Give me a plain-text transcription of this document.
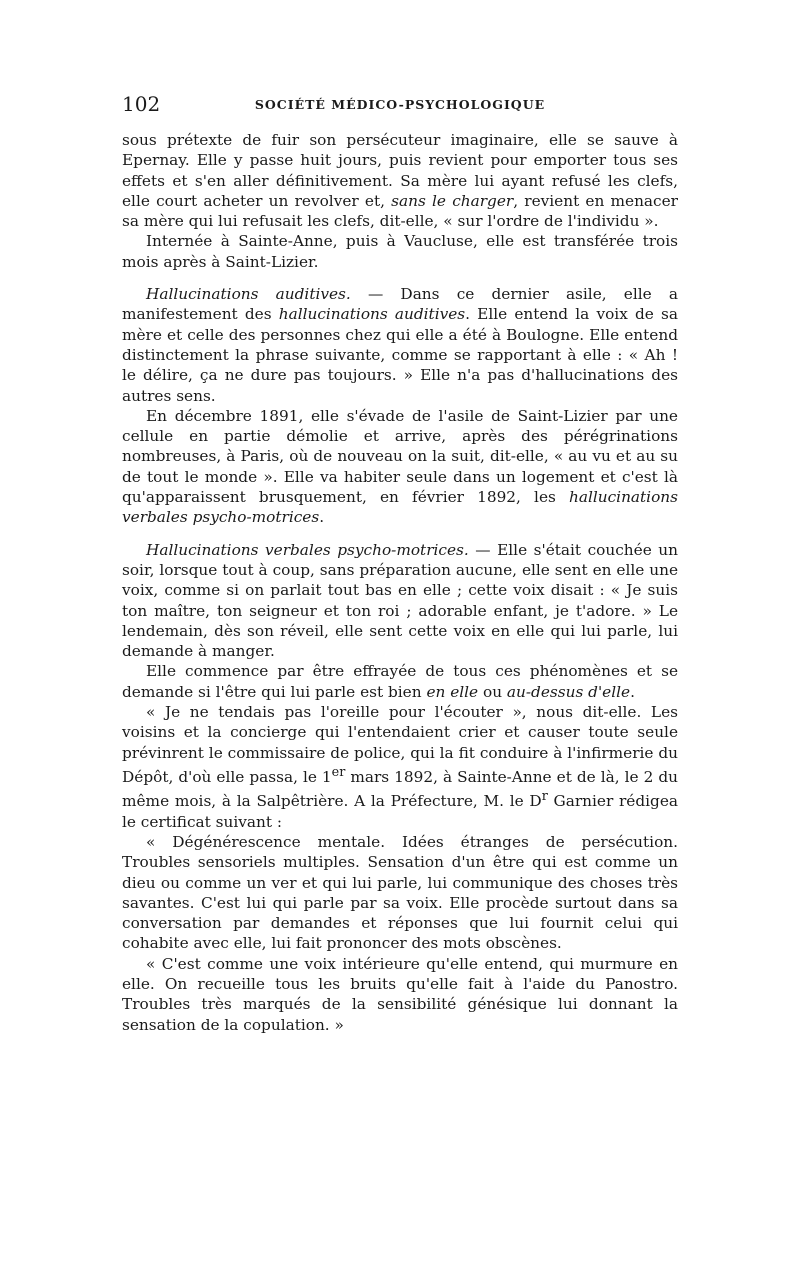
102	SOCIÉTÉ MÉDICO-PSYCHOLOGIQUE

sous prétexte de fuir son persécuteur imaginaire, elle se sauve à Epernay. Elle y passe huit jours, puis revient pour emporter tous ses effets et s'en aller définitivement. Sa mère lui ayant refusé les clefs, elle court acheter un revolver et, sans le charger, revient en menacer sa mère qui lui refusait les clefs, dit-elle, « sur l'ordre de l'individu ».

Internée à Sainte-Anne, puis à Vaucluse, elle est transférée trois mois après à Saint-Lizier.

Hallucinations auditives. — Dans ce dernier asile, elle a manifestement des hallucinations auditives. Elle entend la voix de sa mère et celle des personnes chez qui elle a été à Boulogne. Elle entend distinctement la phrase suivante, comme se rapportant à elle : « Ah ! le délire, ça ne dure pas toujours. » Elle n'a pas d'hallucinations des autres sens.

En décembre 1891, elle s'évade de l'asile de Saint-Lizier par une cellule en partie démolie et arrive, après des pérégrinations nombreuses, à Paris, où de nouveau on la suit, dit-elle, « au vu et au su de tout le monde ». Elle va habiter seule dans un logement et c'est là qu'apparaissent brusquement, en février 1892, les hallucinations verbales psycho-motrices.

Hallucinations verbales psycho-motrices. — Elle s'était couchée un soir, lorsque tout à coup, sans préparation aucune, elle sent en elle une voix, comme si on parlait tout bas en elle ; cette voix disait : « Je suis ton maître, ton seigneur et ton roi ; adorable enfant, je t'adore. » Le lendemain, dès son réveil, elle sent cette voix en elle qui lui parle, lui demande à manger.

Elle commence par être effrayée de tous ces phénomènes et se demande si l'être qui lui parle est bien en elle ou au-dessus d'elle.

« Je ne tendais pas l'oreille pour l'écouter », nous dit-elle. Les voisins et la concierge qui l'entendaient crier et causer toute seule prévinrent le commissaire de police, qui la fit conduire à l'infirmerie du Dépôt, d'où elle passa, le 1er mars 1892, à Sainte-Anne et de là, le 2 du même mois, à la Salpêtrière. A la Préfecture, M. le $D^r$ Garnier rédigea le certificat suivant :

« Dégénérescence mentale. Idées étranges de persécution. Troubles sensoriels multiples. Sensation d'un être qui est comme un dieu ou comme un ver et qui lui parle, lui communique des choses très savantes. C'est lui qui parle par sa voix. Elle procède surtout dans sa conversation par demandes et réponses que lui fournit celui qui cohabite avec elle, lui fait prononcer des mots obscènes.

« C'est comme une voix intérieure qu'elle entend, qui murmure en elle. On recueille tous les bruits qu'elle fait à l'aide du Panostro. Troubles très marqués de la sensibilité génésique lui donnant la sensation de la copulation. »
